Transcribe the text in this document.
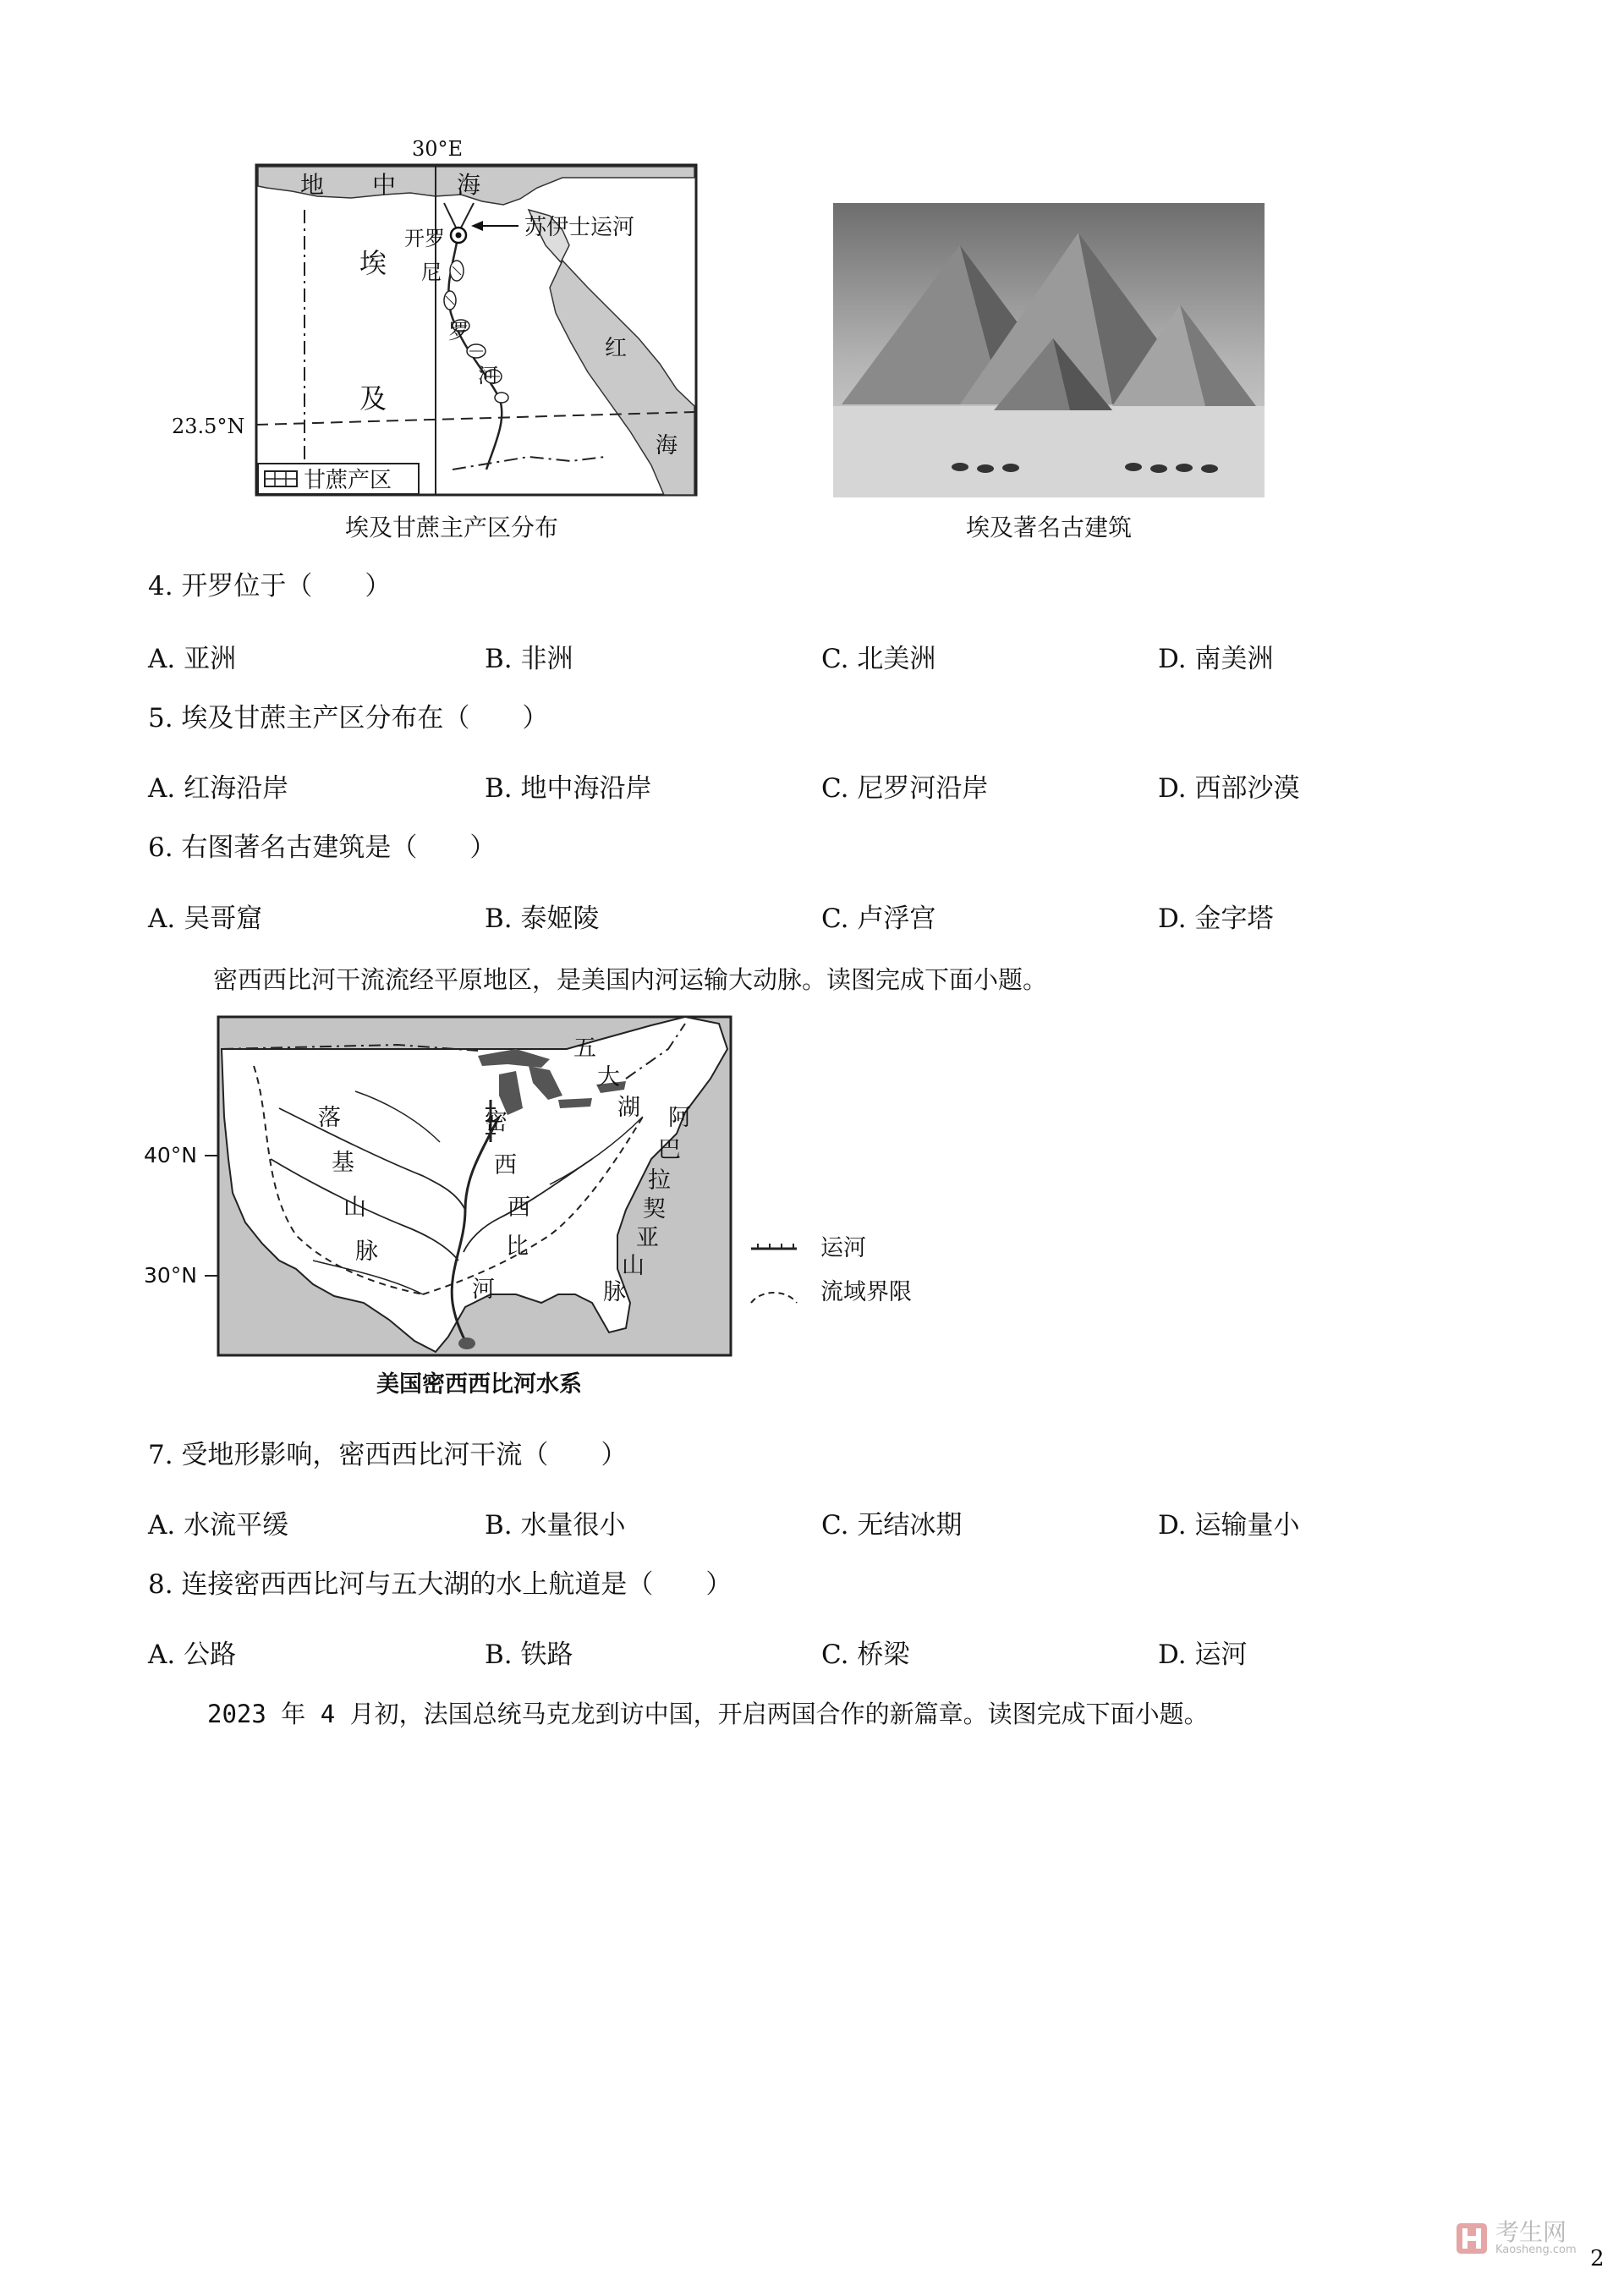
30°E
地 中	海
开罗	苏伊士运河
埃
及
尼
罗
河
红
海
23.5°N
甘蔗产区
埃及甘蔗主产区分布	埃及著名古建筑
4. 开罗位于（　　）
A. 亚洲	B. 非洲	C. 北美洲	D. 南美洲
5. 埃及甘蔗主产区分布在（　　）
A. 红海沿岸	B. 地中海沿岸	C. 尼罗河沿岸	D. 西部沙漠
6. 右图著名古建筑是（　　）
A. 吴哥窟	B. 泰姬陵	C. 卢浮宫	D. 金字塔
密西西比河干流流经平原地区，是美国内河运输大动脉。读图完成下面小题。
五
大
湖 阿
巴
拉
契
亚
山
脉
落
基
山
脉
密
西
西
比
河
40°N
30°N
运河
流域界限
美国密西西比河水系
7. 受地形影响，密西西比河干流（　　）
A. 水流平缓	B. 水量很小	C. 无结冰期	D. 运输量小
8. 连接密西西比河与五大湖的水上航道是（　　）
A. 公路	B. 铁路	C. 桥梁	D. 运河
2023 年 4 月初，法国总统马克龙到访中国，开启两国合作的新篇章。读图完成下面小题。
2
考生网
Kaosheng.com
